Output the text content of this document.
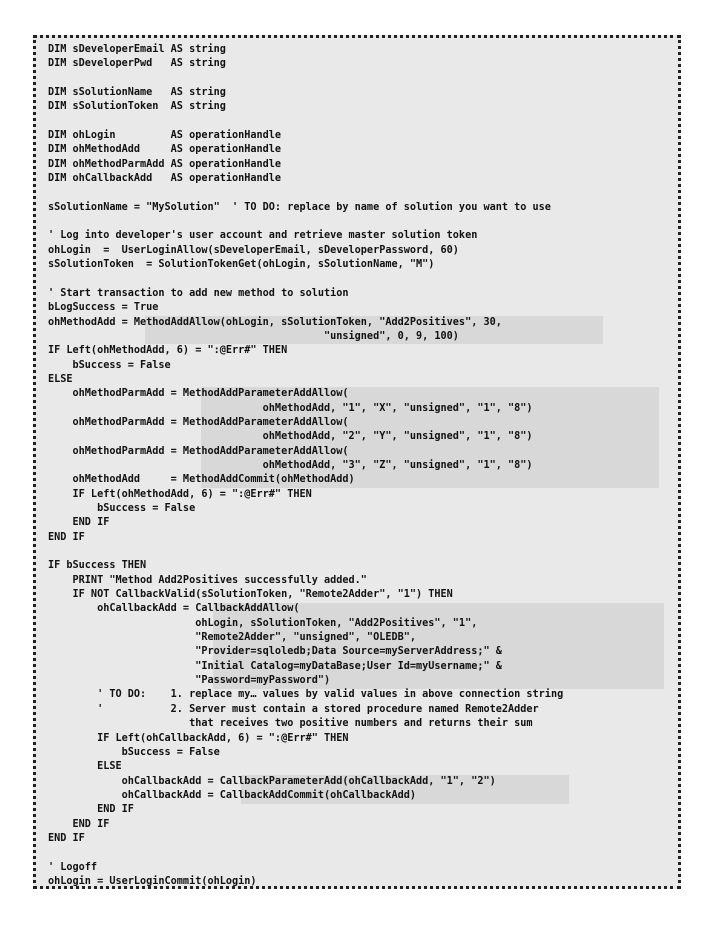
DIM sDeveloperEmail AS string
DIM sDeveloperPwd   AS string
DIM sSolutionName   AS string
DIM sSolutionToken  AS string
DIM ohLogin         AS operationHandle
DIM ohMethodAdd     AS operationHandle
DIM ohMethodParmAdd AS operationHandle
DIM ohCallbackAdd   AS operationHandle
sSolutionName = "MySolution"  ' TO DO: replace by name of solution you want to use
' Log into developer's user account and retrieve master solution token
ohLogin  =  UserLoginAllow(sDeveloperEmail, sDeveloperPassword, 60)
sSolutionToken  = SolutionTokenGet(ohLogin, sSolutionName, "M")
' Start transaction to add new method to solution
bLogSuccess = True
ohMethodAdd = MethodAddAllow(ohLogin, sSolutionToken, "Add2Positives", 30,
"unsigned", 0, 9, 100)
IF Left(ohMethodAdd, 6) = ":@Err#" THEN
bSuccess = False
ELSE
ohMethodParmAdd = MethodAddParameterAddAllow(
ohMethodAdd, "1", "X", "unsigned", "1", "8")
ohMethodParmAdd = MethodAddParameterAddAllow(
ohMethodAdd, "2", "Y", "unsigned", "1", "8")
ohMethodParmAdd = MethodAddParameterAddAllow(
ohMethodAdd, "3", "Z", "unsigned", "1", "8")
ohMethodAdd     = MethodAddCommit(ohMethodAdd)
IF Left(ohMethodAdd, 6) = ":@Err#" THEN
bSuccess = False
END IF
END IF
IF bSuccess THEN
PRINT "Method Add2Positives successfully added."
IF NOT CallbackValid(sSolutionToken, "Remote2Adder", "1") THEN
ohCallbackAdd = CallbackAddAllow(
ohLogin, sSolutionToken, "Add2Positives", "1",
"Remote2Adder", "unsigned", "OLEDB",
"Provider=sqloledb;Data Source=myServerAddress;" &
"Initial Catalog=myDataBase;User Id=myUsername;" &
"Password=myPassword")
' TO DO:    1. replace my… values by valid values in above connection string
'           2. Server must contain a stored procedure named Remote2Adder
that receives two positive numbers and returns their sum
IF Left(ohCallbackAdd, 6) = ":@Err#" THEN
bSuccess = False
ELSE
ohCallbackAdd = CallbackParameterAdd(ohCallbackAdd, "1", "2")
ohCallbackAdd = CallbackAddCommit(ohCallbackAdd)
END IF
END IF
END IF
' Logoff
ohLogin = UserLoginCommit(ohLogin)
